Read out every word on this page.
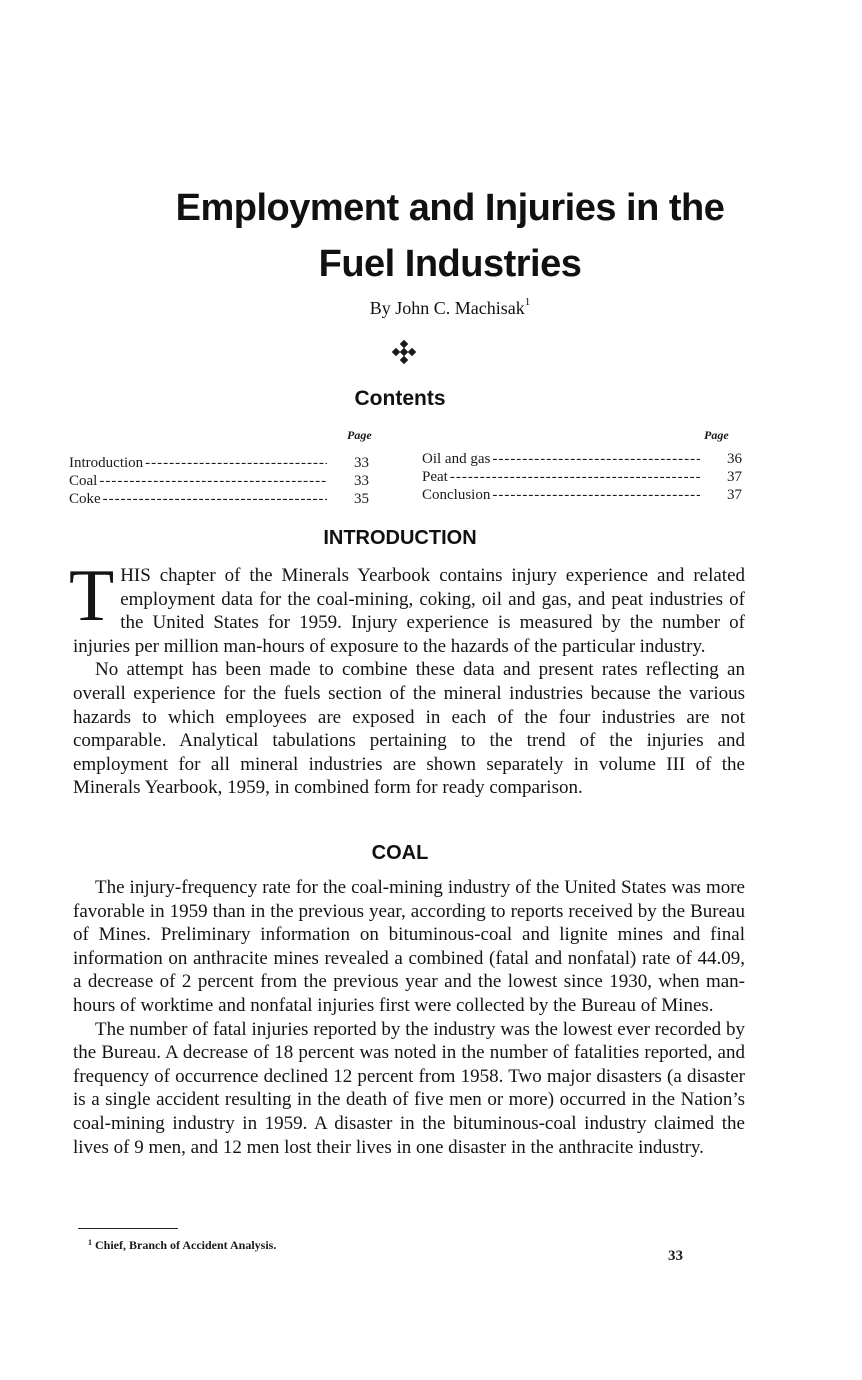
Employment and Injuries in the
Fuel Industries
By John C. Machisak$^1$
Contents
Page
Introduction -----	33
Coal -----	33
Coke -----	35
Page
Oil and gas -----	36
Peat -----	37
Conclusion -----	37
INTRODUCTION

THIS chapter of the Minerals Yearbook contains injury experience and related employment data for the coal-mining, coking, oil and gas, and peat industries of the United States for 1959. Injury experience is measured by the number of injuries per million man-hours of exposure to the hazards of the particular industry.

No attempt has been made to combine these data and present rates reflecting an overall experience for the fuels section of the mineral industries because the various hazards to which employees are exposed in each of the four industries are not comparable. Analytical tabulations pertaining to the trend of the injuries and employment for all mineral industries are shown separately in volume III of the Minerals Yearbook, 1959, in combined form for ready comparison.

COAL

The injury-frequency rate for the coal-mining industry of the United States was more favorable in 1959 than in the previous year, according to reports received by the Bureau of Mines. Preliminary information on bituminous-coal and lignite mines and final information on anthracite mines revealed a combined (fatal and nonfatal) rate of 44.09, a decrease of 2 percent from the previous year and the lowest since 1930, when man-hours of worktime and nonfatal injuries first were collected by the Bureau of Mines.

The number of fatal injuries reported by the industry was the lowest ever recorded by the Bureau. A decrease of 18 percent was noted in the number of fatalities reported, and frequency of occurrence declined 12 percent from 1958. Two major disasters (a disaster is a single accident resulting in the death of five men or more) occurred in the Nation’s coal-mining industry in 1959. A disaster in the bituminous-coal industry claimed the lives of 9 men, and 12 men lost their lives in one disaster in the anthracite industry.

$^1$ Chief, Branch of Accident Analysis.
33
